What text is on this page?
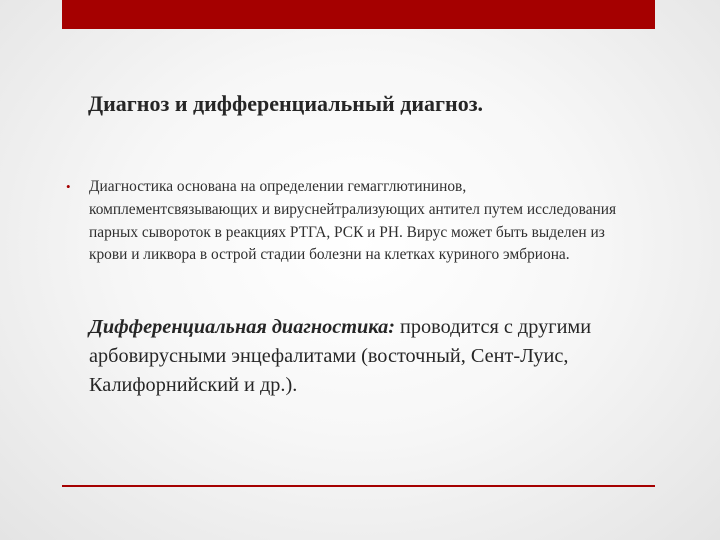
Диагноз и дифференциальный диагноз.
• Диагностика основана на определении гемагглютининов, комплементсвязывающих и вируснейтрализующих антител путем исследования парных сывороток в реакциях РТГА, РСК и РН. Вирус может быть выделен из крови и ликвора в острой стадии болезни на клетках куриного эмбриона.

Дифференциальная диагностика: проводится с другими арбовирусными энцефалитами (восточный, Сент-Луис, Калифорнийский и др.).
